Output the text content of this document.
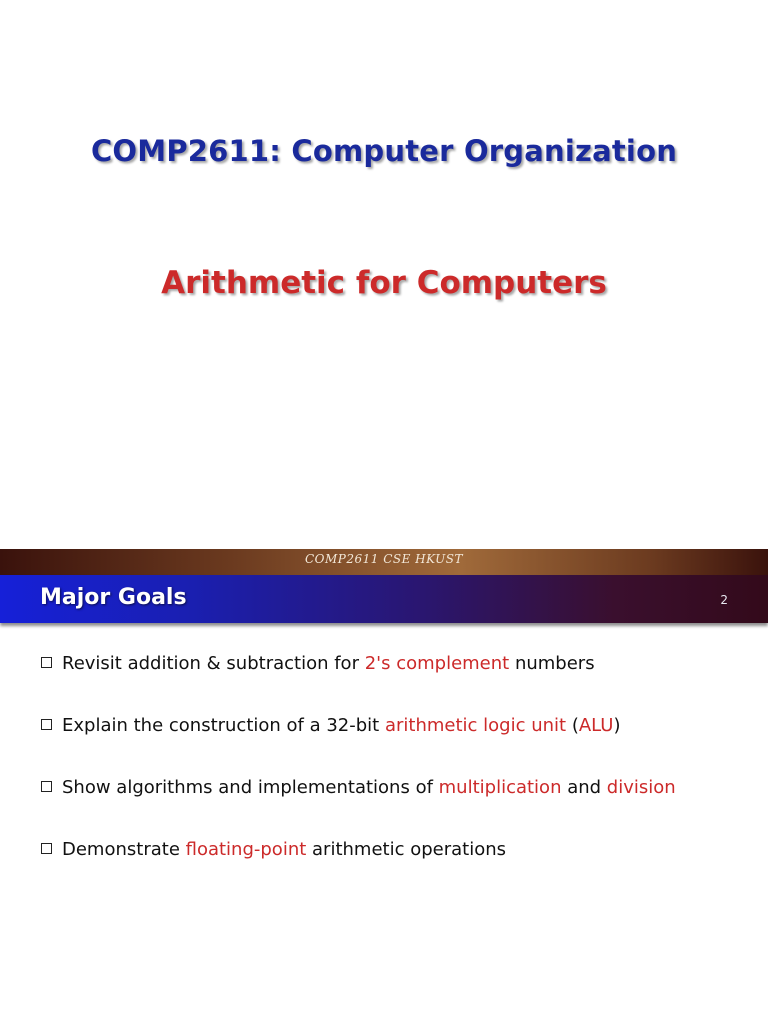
COMP2611: Computer Organization
Arithmetic for Computers
COMP2611 CSE HKUST
Major Goals	2
Revisit addition & subtraction for 2's complement numbers
Explain the construction of a 32-bit arithmetic logic unit (ALU)
Show algorithms and implementations of multiplication and division
Demonstrate floating-point arithmetic operations
